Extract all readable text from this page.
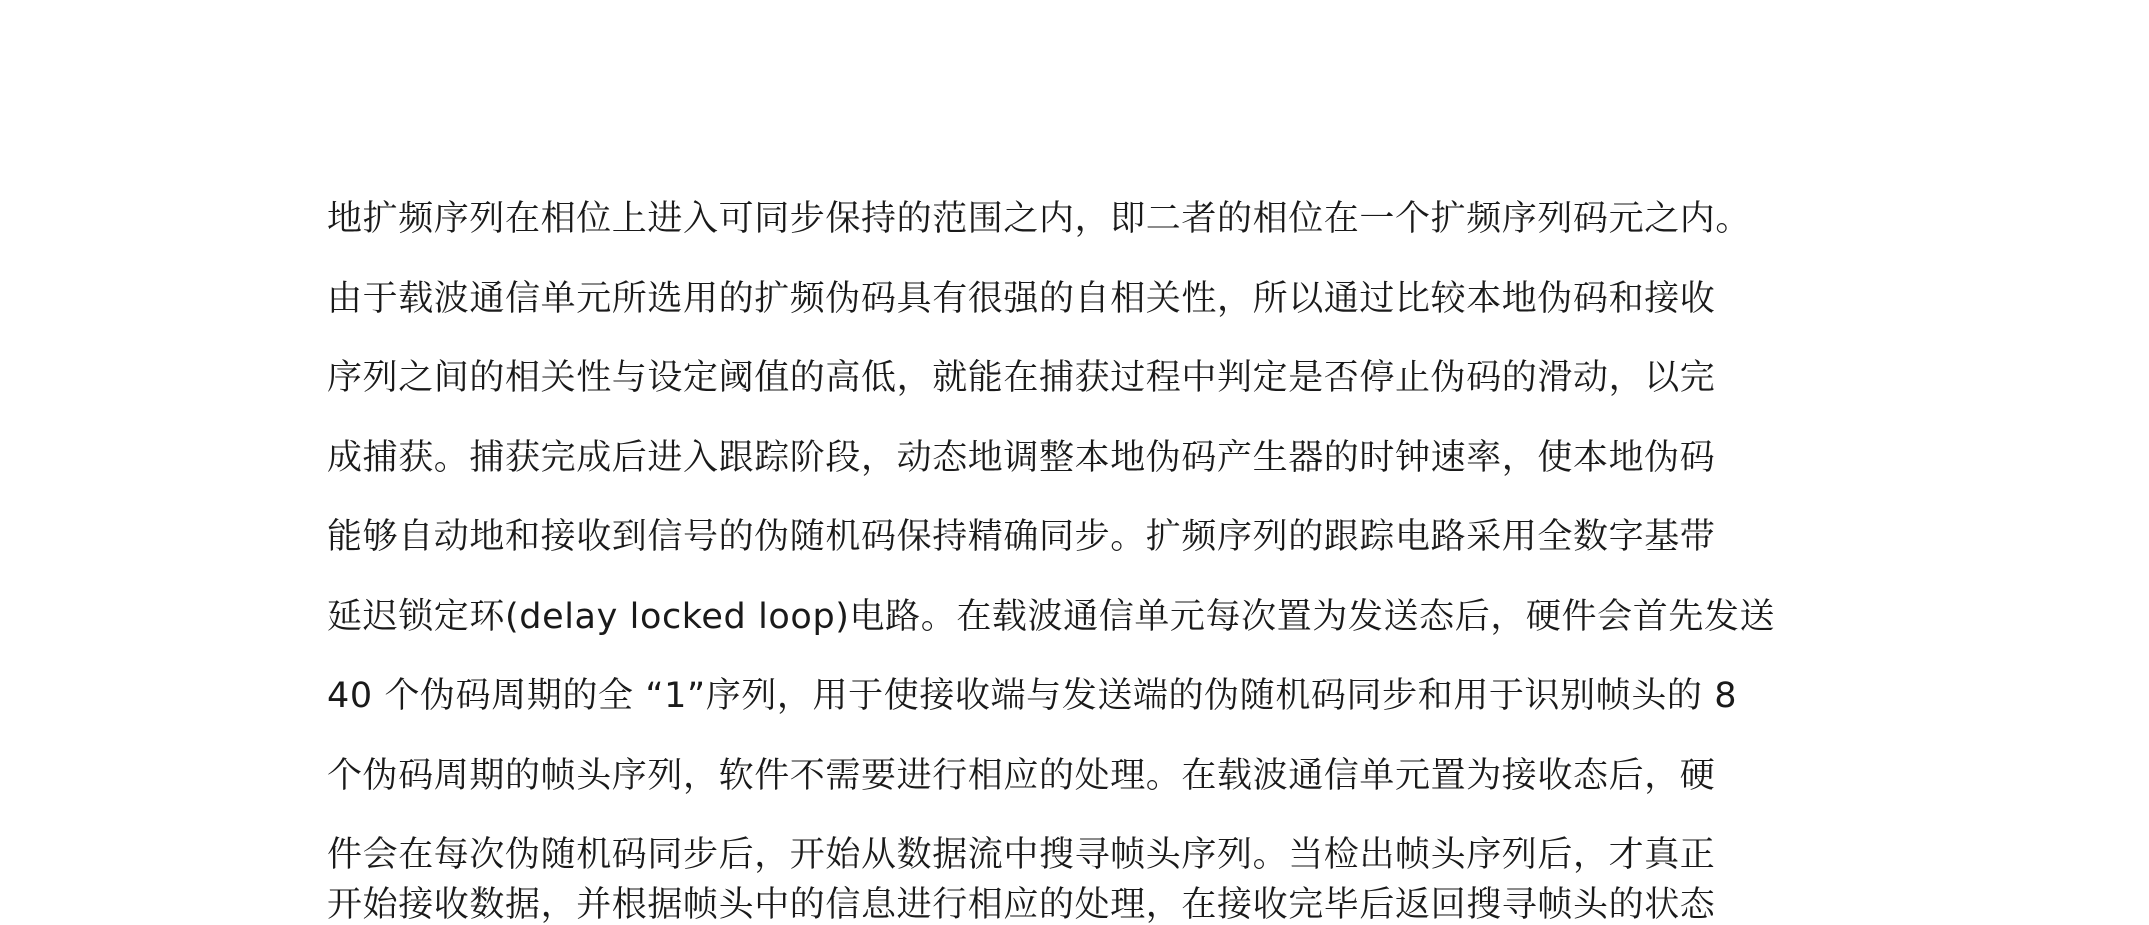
地扩频序列在相位上进入可同步保持的范围之内，即二者的相位在一个扩频序列码元之内。
由于载波通信单元所选用的扩频伪码具有很强的自相关性，所以通过比较本地伪码和接收
序列之间的相关性与设定阈值的高低，就能在捕获过程中判定是否停止伪码的滑动，以完
成捕获。捕获完成后进入跟踪阶段，动态地调整本地伪码产生器的时钟速率，使本地伪码
能够自动地和接收到信号的伪随机码保持精确同步。扩频序列的跟踪电路采用全数字基带
延迟锁定环(delay locked loop)电路。在载波通信单元每次置为发送态后，硬件会首先发送
40 个伪码周期的全 “1”序列，用于使接收端与发送端的伪随机码同步和用于识别帧头的 8
个伪码周期的帧头序列，软件不需要进行相应的处理。在载波通信单元置为接收态后，硬
件会在每次伪随机码同步后，开始从数据流中搜寻帧头序列。当检出帧头序列后，才真正
开始接收数据，并根据帧头中的信息进行相应的处理，在接收完毕后返回搜寻帧头的状态
